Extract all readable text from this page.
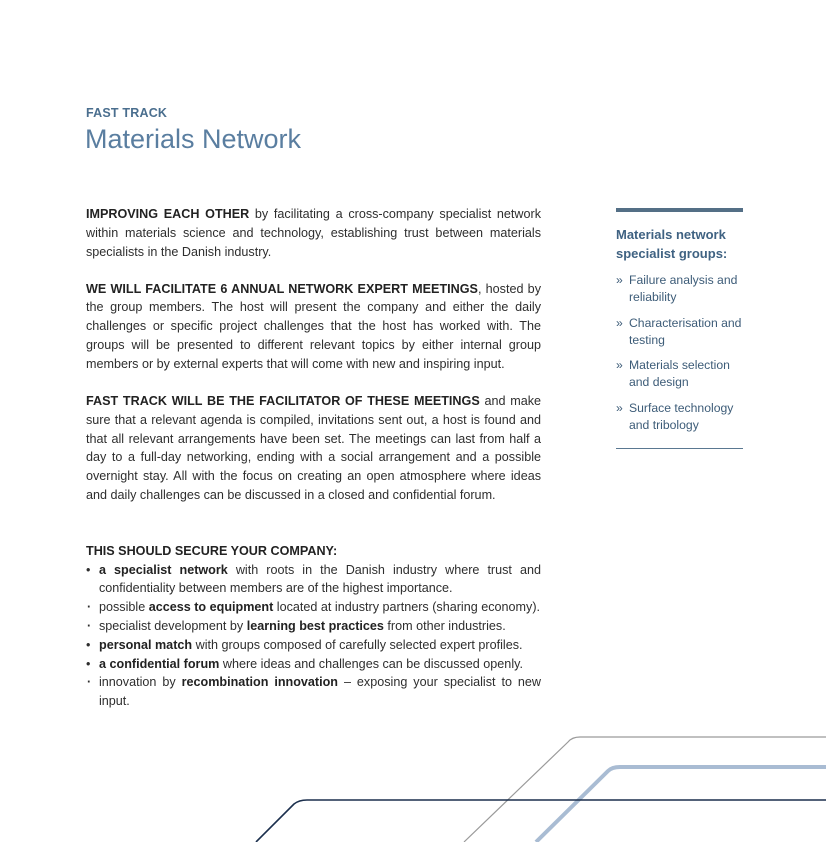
FAST TRACK
Materials Network

IMPROVING EACH OTHER by facilitating a cross-company specialist network within materials science and technology, establishing trust between materials specialists in the Danish industry.

WE WILL FACILITATE 6 ANNUAL NETWORK EXPERT MEETINGS, hosted by the group members. The host will present the company and either the daily challenges or specific project challenges that the host has worked with. The groups will be presented to different relevant topics by either internal group members or by external experts that will come with new and inspiring input.

FAST TRACK WILL BE THE FACILITATOR OF THESE MEETINGS and make sure that a relevant agenda is compiled, invitations sent out, a host is found and that all relevant arrangements have been set. The meetings can last from half a day to a full-day networking, ending with a social arrangement and a possible overnight stay. All with the focus on creating an open atmosphere where ideas and daily challenges can be discussed in a closed and confidential forum.

THIS SHOULD SECURE YOUR COMPANY:
• a specialist network with roots in the Danish industry where trust and confidentiality between members are of the highest importance.
· possible access to equipment located at industry partners (sharing economy).
· specialist development by learning best practices from other industries.
• personal match with groups composed of carefully selected expert profiles.
• a confidential forum where ideas and challenges can be discussed openly.
· innovation by recombination innovation – exposing your specialist to new input.
Materials network specialist groups:
» Failure analysis and reliability
» Characterisation and testing
» Materials selection and design
» Surface technology and tribology
